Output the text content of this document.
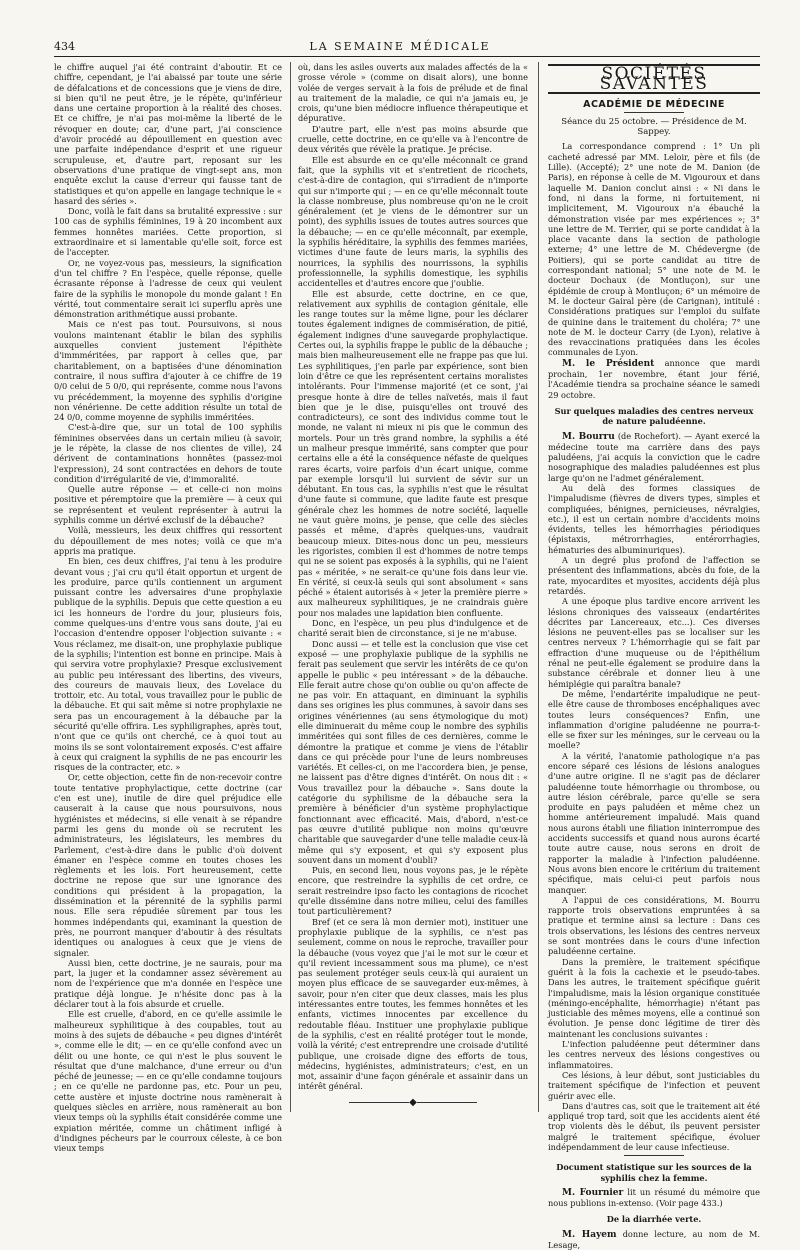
434	LA SEMAINE MÉDICALE

le chiffre auquel j'ai été contraint d'aboutir. Et ce chiffre, cependant, je l'ai abaissé par toute une série de défalcations et de concessions que je viens de dire, si bien qu'il ne peut être, je le répète, qu'inférieur dans une certaine proportion à la réalité des choses. Et ce chiffre, je n'ai pas moi-même la liberté de le révoquer en doute; car, d'une part, j'ai conscience d'avoir procédé au dépouillement en question avec une parfaite indépendance d'esprit et une rigueur scrupuleuse, et, d'autre part, reposant sur les observations d'une pratique de vingt-sept ans, mon enquête exclut la cause d'erreur qui fausse tant de statistiques et qu'on appelle en langage technique le « hasard des séries ».

Donc, voilà le fait dans sa brutalité expressive : sur 100 cas de syphilis féminines, 19 à 20 incombent aux femmes honnêtes mariées. Cette proportion, si extraordinaire et si lamentable qu'elle soit, force est de l'accepter.

Or, ne voyez-vous pas, messieurs, la signification d'un tel chiffre ? En l'espèce, quelle réponse, quelle écrasante réponse à l'adresse de ceux qui veulent faire de la syphilis le monopole du monde galant ! En vérité, tout commentaire serait ici superflu après une démonstration arithmétique aussi probante.

Mais ce n'est pas tout. Poursuivons, si nous voulons maintenant établir le bilan des syphilis auxquelles convient justement l'épithète d'immméritées, par rapport à celles que, par charitablement, on a baptisées d'une dénomination contraire, il nous suffira d'ajouter à ce chiffre de 19 0/0 celui de 5 0/0, qui représente, comme nous l'avons vu précédemment, la moyenne des syphilis d'origine non vénérienne. De cette addition résulte un total de 24 0/0, comme moyenne de syphilis imméritées.

C'est-à-dire que, sur un total de 100 syphilis féminines observées dans un certain milieu (à savoir, je le répète, la classe de nos clientes de ville), 24 dérivent de contaminations honnêtes (passez-moi l'expression), 24 sont contractées en dehors de toute condition d'irrégularité de vie, d'immoralité.

Quelle autre réponse — et celle-ci non moins positive et péremptoire que la première — à ceux qui se représentent et veulent représenter à autrui la syphilis comme un dérivé exclusif de la débauche?

Voilà, messieurs, les deux chiffres qui ressortent du dépouillement de mes notes; voilà ce que m'a appris ma pratique.

En bien, ces deux chiffres, j'ai tenu à les produire devant vous ; j'ai cru qu'il était opportun et urgent de les produire, parce qu'ils contiennent un argument puissant contre les adversaires d'une prophylaxie publique de la syphilis. Depuis que cette question a eu ici les honneurs de l'ordre du jour, plusieurs fois, comme quelques-uns d'entre vous sans doute, j'ai eu l'occasion d'entendre opposer l'objection suivante : « Vous réclamez, me disait-on, une prophylaxie publique de la syphilis; l'intention est bonne en principe. Mais à qui servira votre prophylaxie? Presque exclusivement au public peu intéressant des libertins, des viveurs, des coureurs de mauvais lieux, des Lovelace du trottoir, etc. Au total, vous travaillez pour le public de la débauche. Et qui sait même si notre prophylaxie ne sera pas un encouragement à la débauche par la sécurité qu'elle offrira. Les syphiligraphes, après tout, n'ont que ce qu'ils ont cherché, ce à quoi tout au moins ils se sont volontairement exposés. C'est affaire à ceux qui craignent la syphilis de ne pas encourir les risques de la contracter, etc. »

Or, cette objection, cette fin de non-recevoir contre toute tentative prophylactique, cette doctrine (car c'en est une), inutile de dire quel préjudice elle causerait à la cause que nous poursuivons, nous hygiénistes et médecins, si elle venait à se répandre parmi les gens du monde où se recrutent les administrateurs, les législateurs, les membres du Parlement, c'est-à-dire dans le public d'où doivent émaner en l'espèce comme en toutes choses les règlements et les lois. Fort heureusement, cette doctrine ne repose que sur une ignorance des conditions qui président à la propagation, la dissémination et la pérennité de la syphilis parmi nous. Elle sera répudiée sûrement par tous les hommes indépendants qui, examinant la question de près, ne pourront manquer d'aboutir à des résultats identiques ou analogues à ceux que je viens de signaler.

Aussi bien, cette doctrine, je ne saurais, pour ma part, la juger et la condamner assez sévèrement au nom de l'expérience que m'a donnée en l'espèce une pratique déjà longue. Je n'hésite donc pas à la déclarer tout à la fois absurde et cruelle.

Elle est cruelle, d'abord, en ce qu'elle assimile le malheureux syphilitique à des coupables, tout au moins à des sujets de débauche « peu dignes d'intérêt », comme elle le dit; — en ce qu'elle confond avec un délit ou une honte, ce qui n'est le plus souvent le résultat que d'une malchance, d'une erreur ou d'un péché de jeunesse; — en ce qu'elle condamne toujours ; en ce qu'elle ne pardonne pas, etc. Pour un peu, cette austère et injuste doctrine nous ramènerait à quelques siècles en arrière, nous ramènerait au bon vieux temps où la syphilis était considérée comme une expiation méritée, comme un châtiment infligé à d'indignes pécheurs par le courroux céleste, à ce bon vieux temps

où, dans les asiles ouverts aux malades affectés de la « grosse vérole » (comme on disait alors), une bonne volée de verges servait à la fois de prélude et de final au traitement de la maladie, ce qui n'a jamais eu, je crois, qu'une bien médiocre influence thérapeutique et dépurative.

D'autre part, elle n'est pas moins absurde que cruelle, cette doctrine, en ce qu'elle va à l'encontre de deux vérités que révèle la pratique. Je précise.

Elle est absurde en ce qu'elle méconnaît ce grand fait, que la syphilis vit et s'entretient de ricochets, c'est-à-dire de contagion, qui s'irradient de n'importe qui sur n'importe qui ; — en ce qu'elle méconnaît toute la classe nombreuse, plus nombreuse qu'on ne le croit généralement (et je viens de le démontrer sur un point), des syphilis issues de toutes autres sources que la débauche; — en ce qu'elle méconnaît, par exemple, la syphilis héréditaire, la syphilis des femmes mariées, victimes d'une faute de leurs maris, la syphilis des nourrices, la syphilis des nourrissons, la syphilis professionnelle, la syphilis domestique, les syphilis accidentelles et d'autres encore que j'oublie.

Elle est absurde, cette doctrine, en ce que, relativement aux syphilis de contagion génitale, elle les range toutes sur la même ligne, pour les déclarer toutes également indignes de commisération, de pitié, également indignes d'une sauvegarde prophylactique. Certes oui, la syphilis frappe le public de la débauche ; mais bien malheureusement elle ne frappe pas que lui. Les syphilitiques, j'en parle par expérience, sont bien loin d'être ce que les représentent certains moralistes intolérants. Pour l'immense majorité (et ce sont, j'ai presque honte à dire de telles naïvetés, mais il faut bien que je le dise, puisqu'elles ont trouvé des contradicteurs), ce sont des individus comme tout le monde, ne valant ni mieux ni pis que le commun des mortels. Pour un très grand nombre, la syphilis a été un malheur presque immérité, sans compter que pour certains elle a été la conséquence néfaste de quelques rares écarts, voire parfois d'un écart unique, comme par exemple lorsqu'il lui survient de sévir sur un débutant. En tous cas, la syphilis n'est que le résultat d'une faute si commune, que ladite faute est presque générale chez les hommes de notre société, laquelle ne vaut guère moins, je pense, que celle des siècles passés et même, d'après quelques-uns, vaudrait beaucoup mieux. Dites-nous donc un peu, messieurs les rigoristes, combien il est d'hommes de notre temps qui ne se soient pas exposés à la syphilis, qui ne l'aient pas « méritée, » ne serait-ce qu'une fois dans leur vie. En vérité, si ceux-là seuls qui sont absolument « sans péché » étaient autorisés à « jeter la première pierre » aux malheureux syphilitiques, je ne craindrais guère pour nos malades une lapidation bien confluente.

Donc, en l'espèce, un peu plus d'indulgence et de charité serait bien de circonstance, si je ne m'abuse.

Donc aussi — et telle est la conclusion que vise cet exposé — une prophylaxie publique de la syphilis ne ferait pas seulement que servir les intérêts de ce qu'on appelle le public « peu intéressant » de la débauche. Elle ferait autre chose qu'on oublie ou qu'on affecte de ne pas voir. En attaquant, en diminuant la syphilis dans ses origines les plus communes, à savoir dans ses origines vénériennes (au sens étymologique du mot) elle diminuerait du même coup le nombre des syphilis imméritées qui sont filles de ces dernières, comme le démontre la pratique et comme je viens de l'établir dans ce qui précède pour l'une de leurs nombreuses variétés. Et celles-ci, on me l'accordera bien, je pense, ne laissent pas d'être dignes d'intérêt. On nous dit : « Vous travaillez pour la débauche ». Sans doute la catégorie du syphilisme de la débauche sera la première à bénéficier d'un système prophylactique fonctionnant avec efficacité. Mais, d'abord, n'est-ce pas œuvre d'utilité publique non moins qu'œuvre charitable que sauvegarder d'une telle maladie ceux-là même qui s'y exposent, et qui s'y exposent plus souvent dans un moment d'oubli?

Puis, en second lieu, nous voyons pas, je le répète encore, que restreindre la syphilis de cet ordre, ce serait restreindre ipso facto les contagions de ricochet qu'elle dissémine dans notre milieu, celui des familles tout particulièrement?

Bref (et ce sera là mon dernier mot), instituer une prophylaxie publique de la syphilis, ce n'est pas seulement, comme on nous le reproche, travailler pour la débauche (vous voyez que j'ai le mot sur le cœur et qu'il revient incessamment sous ma plume), ce n'est pas seulement protéger seuls ceux-là qui auraient un moyen plus efficace de se sauvegarder eux-mêmes, à savoir, pour n'en citer que deux classes, mais les plus intéressantes entre toutes, les femmes honnêtes et les enfants, victimes innocentes par excellence du redoutable fléau. Instituer une prophylaxie publique de la syphilis, c'est en réalité protéger tout le monde, voilà la vérité; c'est entreprendre une croisade d'utilité publique, une croisade digne des efforts de tous, médecins, hygiénistes, administrateurs; c'est, en un mot, assainir d'une façon générale et assainir dans un intérêt général.

◆
SOCIÉTÉS SAVANTES
ACADÉMIE DE MÉDECINE
Séance du 25 octobre. — Présidence de M. Sappey.

La correspondance comprend : 1° Un pli cacheté adressé par MM. Leloir, père et fils (de Lille). (Accepté); 2° une note de M. Danion (de Paris), en réponse à celle de M. Vigouroux et dans laquelle M. Danion conclut ainsi : « Ni dans le fond, ni dans la forme, ni fortuitement, ni implicitement, M. Vigouroux n'a ébauché la démonstration visée par mes expériences »; 3° une lettre de M. Terrier, qui se porte candidat à la place vacante dans la section de pathologie externe; 4° une lettre de M. Chédevergne (de Poitiers), qui se porte candidat au titre de correspondant national; 5° une note de M. le docteur Dochaux (de Montluçon), sur une épidémie de croup à Montluçon; 6° un mémoire de M. le docteur Gairal père (de Carignan), intitulé : Considérations pratiques sur l'emploi du sulfate de quinine dans le traitement du choléra; 7° une note de M. le docteur Carry (de Lyon), relative à des revaccinations pratiquées dans les écoles communales de Lyon.

M. le Président annonce que mardi prochain, 1er novembre, étant jour férié, l'Académie tiendra sa prochaine séance le samedi 29 octobre.

Sur quelques maladies des centres nerveux de nature paludéenne.

M. Bourru (de Rochefort). — Ayant exercé la médecine toute ma carrière dans des pays paludéens, j'ai acquis la conviction que le cadre nosographique des maladies paludéennes est plus large qu'on ne l'admet généralement.

Au delà des formes classiques de l'impaludisme (fièvres de divers types, simples et compliquées, bénignes, pernicieuses, névralgies, etc.), il est un certain nombre d'accidents moins évidents, telles les hémorrhagies périodiques (épistaxis, métrorrhagies, entérorrhagies, hématuries des albuminuriques).

A un degré plus profond de l'affection se présentent des inflammations, abcès du foie, de la rate, myocardites et myosites, accidents déjà plus retardés.

A une époque plus tardive encore arrivent les lésions chroniques des vaisseaux (endartérites décrites par Lancereaux, etc...). Ces diverses lésions ne peuvent-elles pas se localiser sur les centres nerveux ? L'hémorrhagie qui se fait par effraction d'une muqueuse ou de l'épithélium rénal ne peut-elle également se produire dans la substance cérébrale et donner lieu à une hémiplégie qui paraîtra banale?

De même, l'endartérite impaludique ne peut-elle être cause de thromboses encéphaliques avec toutes leurs conséquences? Enfin, une inflammation d'origine paludéenne ne pourra-t-elle se fixer sur les méninges, sur le cerveau ou la moelle?

A la vérité, l'anatomie pathologique n'a pas encore séparé ces lésions de lésions analogues d'une autre origine. Il ne s'agit pas de déclarer paludéenne toute hémorrhagie ou thrombose, ou autre lésion cérébrale, parce qu'elle se sera produite en pays paludéen et même chez un homme antérieurement impaludé. Mais quand nous aurons établi une filiation ininterrompue des accidents successifs et quand nous aurons écarté toute autre cause, nous serons en droit de rapporter la maladie à l'infection paludéenne. Nous avons bien encore le critérium du traitement spécifique, mais celui-ci peut parfois nous manquer.

A l'appui de ces considérations, M. Bourru rapporte trois observations empruntées à sa pratique et termine ainsi sa lecture : Dans ces trois observations, les lésions des centres nerveux se sont montrées dans le cours d'une infection paludéenne certaine.

Dans la première, le traitement spécifique guérit à la fois la cachexie et le pseudo-tabes. Dans les autres, le traitement spécifique guérit l'impaludisme, mais la lésion organique constituée (méningo-encéphalite, hémorrhagie) n'étant pas justiciable des mêmes moyens, elle a continué son évolution. Je pense donc légitime de tirer dès maintenant les conclusions suivantes :

L'infection paludéenne peut déterminer dans les centres nerveux des lésions congestives ou inflammatoires.

Ces lésions, à leur début, sont justiciables du traitement spécifique de l'infection et peuvent guérir avec elle.

Dans d'autres cas, soit que le traitement ait été appliqué trop tard, soit que les accidents aient été trop violents dès le début, ils peuvent persister malgré le traitement spécifique, évoluer indépendamment de leur cause infectieuse.

Document statistique sur les sources de la syphilis chez la femme.

M. Fournier lit un résumé du mémoire que nous publions in-extenso. (Voir page 433.)

De la diarrhée verte.

M. Hayem donne lecture, au nom de M. Lesage,
